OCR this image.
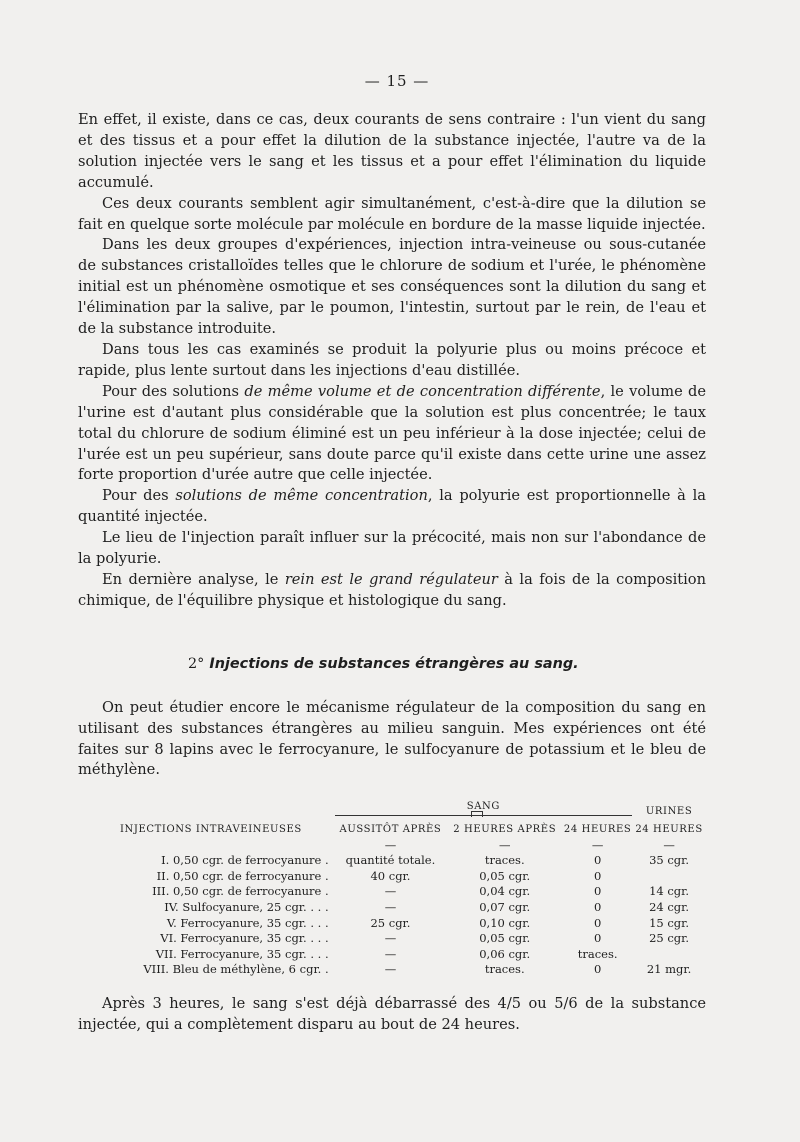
— 15 —

En effet, il existe, dans ce cas, deux courants de sens contraire : l'un vient du sang et des tissus et a pour effet la dilution de la substance injectée, l'autre va de la solution injectée vers le sang et les tissus et a pour effet l'élimination du liquide accumulé.

Ces deux courants semblent agir simultanément, c'est-à-dire que la dilution se fait en quelque sorte molécule par molécule en bordure de la masse liquide injectée.

Dans les deux groupes d'expériences, injection intra-veineuse ou sous-cutanée de substances cristalloïdes telles que le chlorure de sodium et l'urée, le phénomène initial est un phénomène osmotique et ses conséquences sont la dilution du sang et l'élimination par la salive, par le poumon, l'intestin, surtout par le rein, de l'eau et de la substance introduite.

Dans tous les cas examinés se produit la polyurie plus ou moins précoce et rapide, plus lente surtout dans les injections d'eau distillée.

Pour des solutions de même volume et de concentration différente, le volume de l'urine est d'autant plus considérable que la solution est plus concentrée; le taux total du chlorure de sodium éliminé est un peu inférieur à la dose injectée; celui de l'urée est un peu supérieur, sans doute parce qu'il existe dans cette urine une assez forte proportion d'urée autre que celle injectée.

Pour des solutions de même concentration, la polyurie est proportionnelle à la quantité injectée.

Le lieu de l'injection paraît influer sur la précocité, mais non sur l'abondance de la polyurie.

En dernière analyse, le rein est le grand régulateur à la fois de la composition chimique, de l'équilibre physique et histologique du sang.

2° Injections de substances étrangères au sang.

On peut étudier encore le mécanisme régulateur de la composition du sang en utilisant des substances étrangères au milieu sanguin. Mes expériences ont été faites sur 8 lapins avec le ferrocyanure, le sulfocyanure de potassium et le bleu de méthylène.

	SANG			URINES
INJECTIONS INTRAVEINEUSES	AUSSITÔT APRÈS	2 HEURES APRÈS	24 HEURES	24 HEURES
	—	—	—	—
I. 0,50 cgr. de ferrocyanure .	quantité totale.	traces.	0	35 cgr.
II. 0,50 cgr. de ferrocyanure .	40 cgr.	0,05 cgr.	0	
III. 0,50 cgr. de ferrocyanure .	—	0,04 cgr.	0	14 cgr.
IV. Sulfocyanure, 25 cgr. . . .	—	0,07 cgr.	0	24 cgr.
V. Ferrocyanure, 35 cgr. . . .	25 cgr.	0,10 cgr.	0	15 cgr.
VI. Ferrocyanure, 35 cgr. . . .	—	0,05 cgr.	0	25 cgr.
VII. Ferrocyanure, 35 cgr. . . .	—	0,06 cgr.	traces.	
VIII. Bleu de méthylène, 6 cgr. .	—	traces.	0	21 mgr.

Après 3 heures, le sang s'est déjà débarrassé des 4/5 ou 5/6 de la substance injectée, qui a complètement disparu au bout de 24 heures.
